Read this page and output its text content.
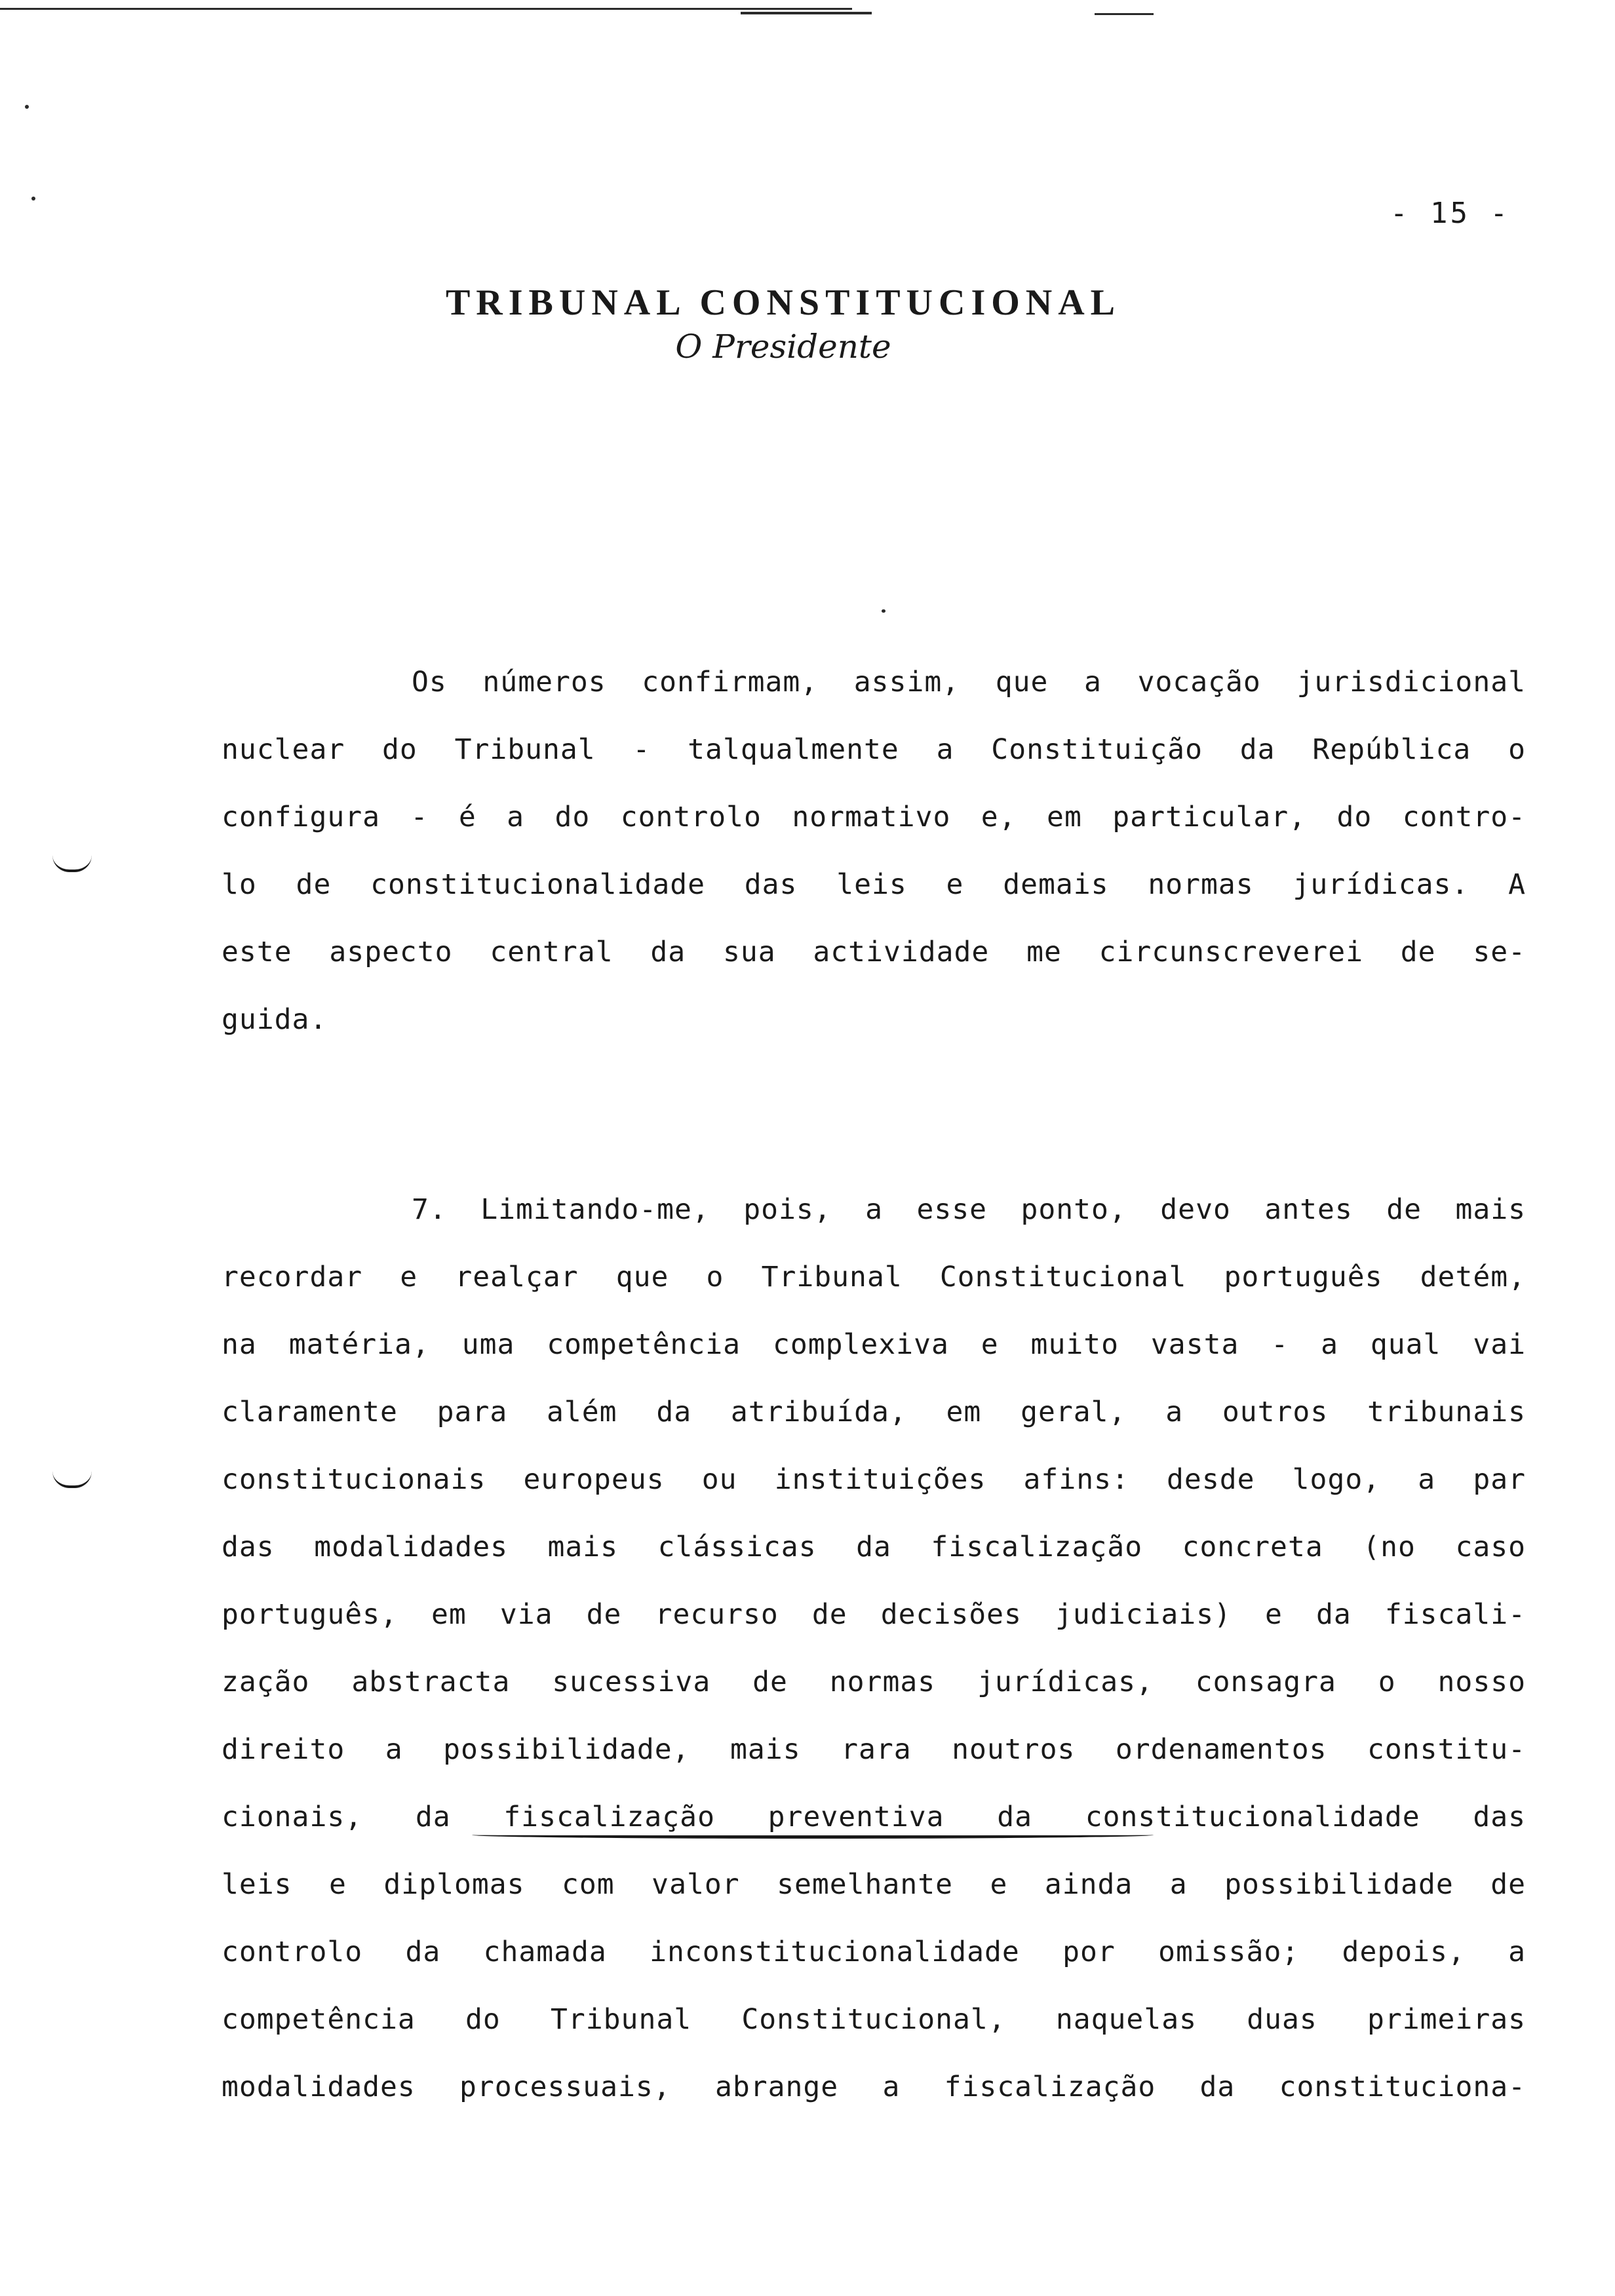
- 15 -
TRIBUNAL CONSTITUCIONAL
O Presidente
Os números confirmam, assim, que a vocação jurisdicional
nuclear do Tribunal - talqualmente a Constituição da República o
configura - é a do controlo normativo e, em particular, do contro-
lo de constitucionalidade das leis e demais normas jurídicas. A
este aspecto central da sua actividade me circunscreverei de se-
guida.
7. Limitando-me, pois, a esse ponto, devo antes de mais
recordar e realçar que o Tribunal Constitucional português detém,
na matéria, uma competência complexiva e muito vasta - a qual vai
claramente para além da atribuída, em geral, a outros tribunais
constitucionais europeus ou instituições afins: desde logo, a par
das modalidades mais clássicas da fiscalização concreta (no caso
português, em via de recurso de decisões judiciais) e da fiscali-
zação abstracta sucessiva de normas jurídicas, consagra o nosso
direito a possibilidade, mais rara noutros ordenamentos constitu-
cionais, da fiscalização preventiva da constitucionalidade das
leis e diplomas com valor semelhante e ainda a possibilidade de
controlo da chamada inconstitucionalidade por omissão; depois, a
competência do Tribunal Constitucional, naquelas duas primeiras
modalidades processuais, abrange a fiscalização da constituciona-
